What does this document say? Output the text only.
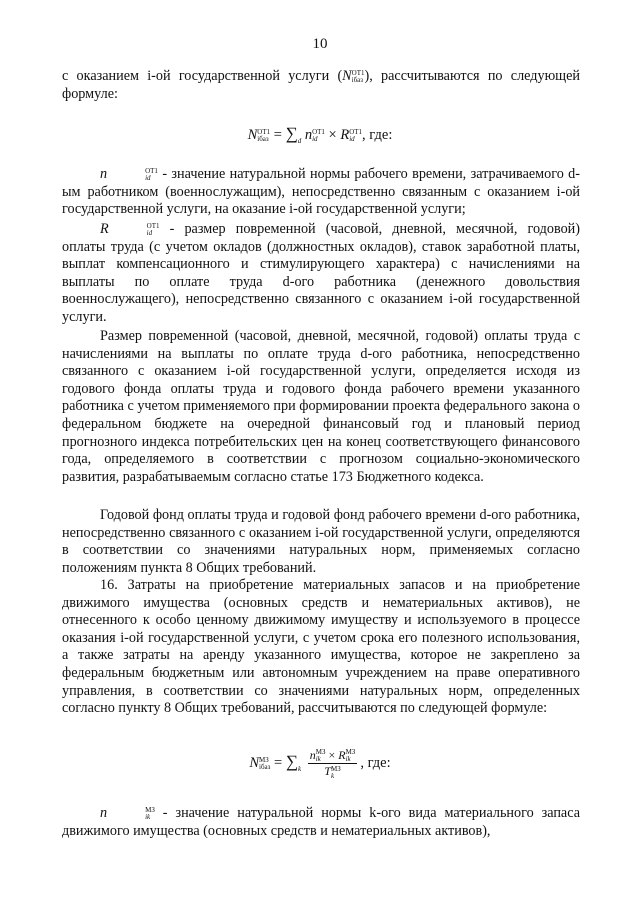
10

с оказанием i-ой государственной услуги (N ОТ1
iбаз ), рассчитываются по следующей формуле:

N ОТ1
iбаз = $\sum_d$ n ОТ1
id × R ОТ1
id , где:

n	ОТ1
id - значение натуральной нормы рабочего времени, затрачиваемого d-ым работником (военнослужащим), непосредственно связанным с оказанием i-ой государственной услуги, на оказание i-ой государственной услуги;

R	ОТ1
id - размер повременной (часовой, дневной, месячной, годовой) оплаты труда (с учетом окладов (должностных окладов), ставок заработной платы, выплат компенсационного и стимулирующего характера) с начислениями на выплаты по оплате труда d-ого работника (денежного довольствия военнослужащего), непосредственно связанного с оказанием i-ой государственной услуги.

Размер повременной (часовой, дневной, месячной, годовой) оплаты труда с начислениями на выплаты по оплате труда d-ого работника, непосредственно связанного с оказанием i-ой государственной услуги, определяется исходя из годового фонда оплаты труда и годового фонда рабочего времени указанного работника с учетом применяемого при формировании проекта федерального закона о федеральном бюджете на очередной финансовый год и плановый период прогнозного индекса потребительских цен на конец соответствующего финансового года, определяемого в соответствии с прогнозом социально-экономического развития, разрабатываемым согласно статье 173 Бюджетного кодекса.

Годовой фонд оплаты труда и годовой фонд рабочего времени d-ого работника, непосредственно связанного с оказанием i-ой государственной услуги, определяются в соответствии со значениями натуральных норм, применяемых согласно положениям пункта 8 Общих требований.

16. Затраты на приобретение материальных запасов и на приобретение движимого имущества (основных средств и нематериальных активов), не отнесенного к особо ценному движимому имуществу и используемого в процессе оказания i-ой государственной услуги, с учетом срока его полезного использования, а также затраты на аренду указанного имущества, которое не закреплено за федеральным бюджетным или автономным учреждением на праве оперативного управления, в соответствии со значениями натуральных норм, определенных согласно пункту 8 Общих требований, рассчитываются по следующей формуле:

N МЗ
iбаз = $\sum_k$ n МЗ
ik × R МЗ
ik
T МЗ
k , где:

n	МЗ
ik - значение натуральной нормы k-ого вида материального запаса движимого имущества (основных средств и нематериальных активов),
